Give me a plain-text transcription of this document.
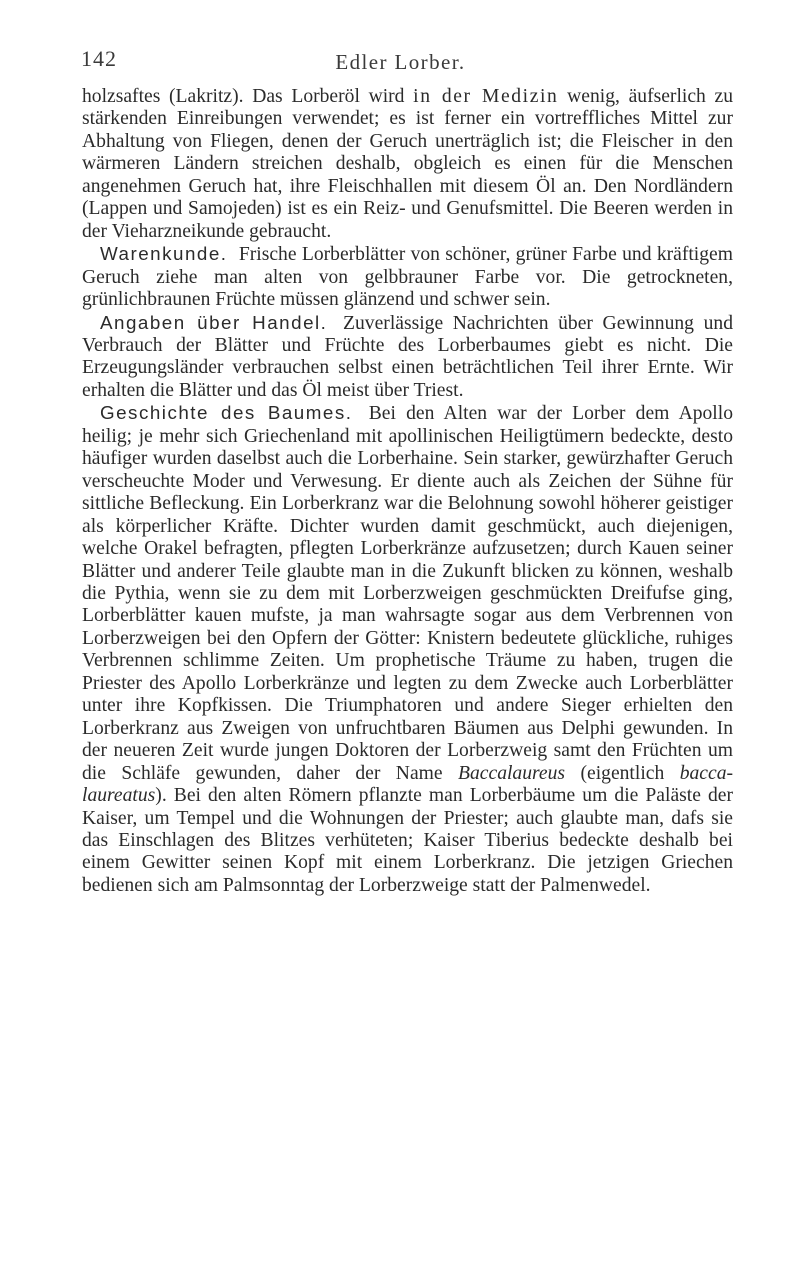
142	Edler Lorber.

holzsaftes (Lakritz). Das Lorberöl wird in der Medizin wenig, äufserlich zu stärkenden Einreibungen verwendet; es ist ferner ein vortreffliches Mittel zur Abhaltung von Fliegen, denen der Geruch unerträglich ist; die Fleischer in den wärmeren Ländern streichen deshalb, obgleich es einen für die Menschen angenehmen Geruch hat, ihre Fleischhallen mit diesem Öl an. Den Nordländern (Lappen und Samojeden) ist es ein Reiz- und Genufsmittel. Die Beeren werden in der Vieharzneikunde gebraucht.

Warenkunde. Frische Lorberblätter von schöner, grüner Farbe und kräftigem Geruch ziehe man alten von gelbbrauner Farbe vor. Die getrockneten, grünlichbraunen Früchte müssen glänzend und schwer sein.

Angaben über Handel. Zuverlässige Nachrichten über Gewinnung und Verbrauch der Blätter und Früchte des Lorberbaumes giebt es nicht. Die Erzeugungsländer verbrauchen selbst einen beträchtlichen Teil ihrer Ernte. Wir erhalten die Blätter und das Öl meist über Triest.

Geschichte des Baumes. Bei den Alten war der Lorber dem Apollo heilig; je mehr sich Griechenland mit apollinischen Heiligtümern bedeckte, desto häufiger wurden daselbst auch die Lorberhaine. Sein starker, gewürzhafter Geruch verscheuchte Moder und Verwesung. Er diente auch als Zeichen der Sühne für sittliche Befleckung. Ein Lorberkranz war die Belohnung sowohl höherer geistiger als körperlicher Kräfte. Dichter wurden damit geschmückt, auch diejenigen, welche Orakel befragten, pflegten Lorberkränze aufzusetzen; durch Kauen seiner Blätter und anderer Teile glaubte man in die Zukunft blicken zu können, weshalb die Pythia, wenn sie zu dem mit Lorberzweigen geschmückten Dreifufse ging, Lorberblätter kauen mufste, ja man wahrsagte sogar aus dem Verbrennen von Lorberzweigen bei den Opfern der Götter: Knistern bedeutete glückliche, ruhiges Verbrennen schlimme Zeiten. Um prophetische Träume zu haben, trugen die Priester des Apollo Lorberkränze und legten zu dem Zwecke auch Lorberblätter unter ihre Kopfkissen. Die Triumphatoren und andere Sieger erhielten den Lorberkranz aus Zweigen von unfruchtbaren Bäumen aus Delphi gewunden. In der neueren Zeit wurde jungen Doktoren der Lorberzweig samt den Früchten um die Schläfe gewunden, daher der Name Baccalaureus (eigentlich bacca-laureatus). Bei den alten Römern pflanzte man Lorberbäume um die Paläste der Kaiser, um Tempel und die Wohnungen der Priester; auch glaubte man, dafs sie das Einschlagen des Blitzes verhüteten; Kaiser Tiberius bedeckte deshalb bei einem Gewitter seinen Kopf mit einem Lorberkranz. Die jetzigen Griechen bedienen sich am Palmsonntag der Lorberzweige statt der Palmenwedel.
